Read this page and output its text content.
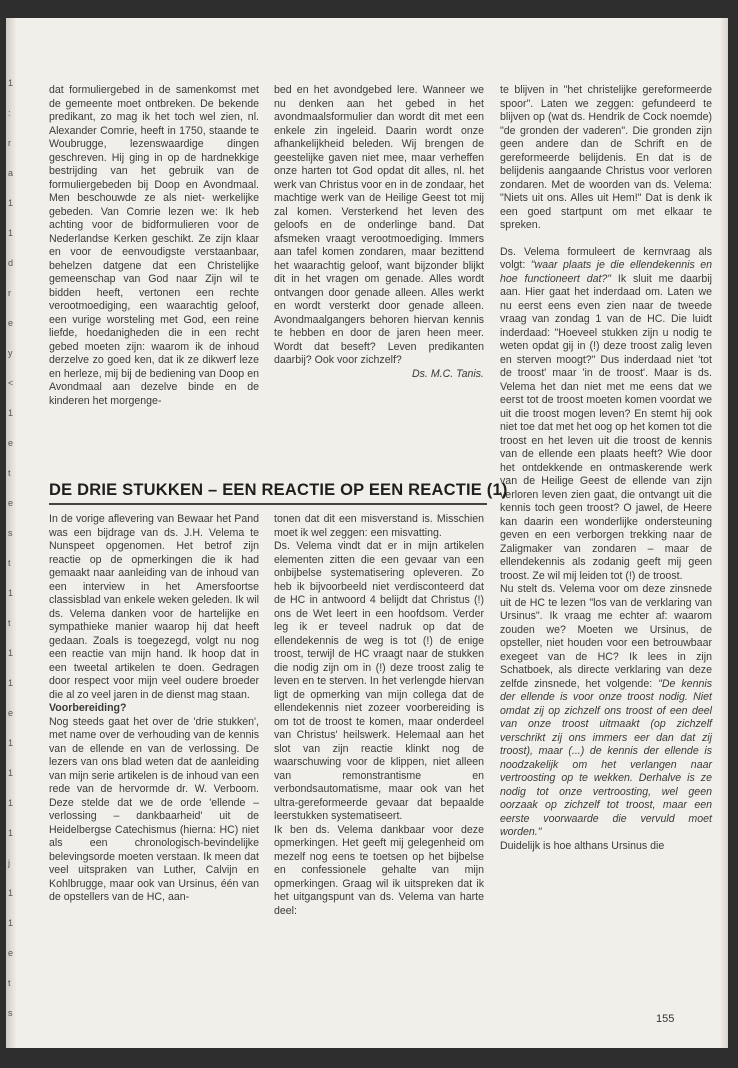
1
:
r
a
1
1
d
r
e
y
<
1
e
t
e
s
t
1
t
1
1
e
1
1
1
1
j
1
1
e
t
s

dat formuliergebed in de samenkomst met de gemeente moet ontbreken. De bekende predikant, zo mag ik het toch wel zien, nl. Alexander Comrie, heeft in 1750, staande te Woubrugge, lezenswaardige dingen geschreven. Hij ging in op de hardnekkige bestrijding van het gebruik van de formuliergebeden bij Doop en Avondmaal. Men beschouwde ze als niet- werkelijke gebeden. Van Comrie lezen we: Ik heb achting voor de bidformulieren voor de Nederlandse Kerken geschikt. Ze zijn klaar en voor de eenvoudigste verstaanbaar, behelzen datgene dat een Christelijke gemeenschap van God naar Zijn wil te bidden heeft, vertonen een rechte verootmoediging, een waarachtig geloof, een vurige worsteling met God, een reine liefde, hoedanigheden die in een recht gebed moeten zijn: waarom ik de inhoud derzelve zo goed ken, dat ik ze dikwerf leze en herleze, mij bij de bediening van Doop en Avondmaal aan dezelve binde en de kinderen het morgenge-

bed en het avondgebed lere. Wanneer we nu denken aan het gebed in het avondmaalsformulier dan wordt dit met een enkele zin ingeleid. Daarin wordt onze afhankelijkheid beleden. Wij brengen de geestelijke gaven niet mee, maar verheffen onze harten tot God opdat dit alles, nl. het werk van Christus voor en in de zondaar, het machtige werk van de Heilige Geest tot mij zal komen. Versterkend het leven des geloofs en de onderlinge band. Dat afsmeken vraagt verootmoediging. Immers aan tafel komen zondaren, maar bezittend het waarachtig geloof, want bijzonder blijkt dit in het vragen om genade. Alles wordt ontvangen door genade alleen. Alles werkt en wordt versterkt door genade alleen. Avondmaalgangers behoren hiervan kennis te hebben en door de jaren heen meer. Wordt dat beseft? Leven predikanten daarbij? Ook voor zichzelf?

Ds. M.C. Tanis.

te blijven in "het christelijke gereformeerde spoor". Laten we zeggen: gefundeerd te blijven op (wat ds. Hendrik de Cock noemde) "de gronden der vaderen". Die gronden zijn geen andere dan de Schrift en de gereformeerde belijdenis. En dat is de belijdenis aangaande Christus voor verloren zondaren. Met de woorden van ds. Velema: "Niets uit ons. Alles uit Hem!" Dat is denk ik een goed startpunt om met elkaar te spreken.

Ds. Velema formuleert de kernvraag als volgt: "waar plaats je die ellendekennis en hoe functioneert dat?" Ik sluit me daarbij aan. Hier gaat het inderdaad om. Laten we nu eerst eens even zien naar de tweede vraag van zondag 1 van de HC. Die luidt inderdaad: "Hoeveel stukken zijn u nodig te weten opdat gij in (!) deze troost zalig leven en sterven moogt?" Dus inderdaad niet 'tot de troost' maar 'in de troost'. Maar is ds. Velema het dan niet met me eens dat we eerst tot de troost moeten komen voordat we uit die troost mogen leven? En stemt hij ook niet toe dat met het oog op het komen tot die troost en het leven uit die troost de kennis van de ellende een plaats heeft? Wie door het ontdekkende en ontmaskerende werk van de Heilige Geest de ellende van zijn verloren leven zien gaat, die ontvangt uit die kennis toch geen troost? O jawel, de Heere kan daarin een wonderlijke ondersteuning geven en een verborgen trekking naar de Zaligmaker van zondaren – maar de ellendekennis als zodanig geeft mij geen troost. Ze wil mij leiden tot (!) de troost.

Nu stelt ds. Velema voor om deze zinsnede uit de HC te lezen "los van de verklaring van Ursinus". Ik vraag me echter af: waarom zouden we? Moeten we Ursinus, de opsteller, niet houden voor een betrouwbaar exegeet van de HC? Ik lees in zijn Schatboek, als directe verklaring van deze zelfde zinsnede, het volgende: "De kennis der ellende is voor onze troost nodig. Niet omdat zij op zichzelf ons troost of een deel van onze troost uitmaakt (op zichzelf verschrikt zij ons immers eer dan dat zij troost), maar (...) de kennis der ellende is noodzakelijk om het verlangen naar vertroosting op te wekken. Derhalve is ze nodig tot onze vertroosting, wel geen oorzaak op zichzelf tot troost, maar een eerste voorwaarde die vervuld moet worden."

Duidelijk is hoe althans Ursinus die

DE DRIE STUKKEN – EEN REACTIE OP EEN REACTIE (1)

In de vorige aflevering van Bewaar het Pand was een bijdrage van ds. J.H. Velema te Nunspeet opgenomen. Het betrof zijn reactie op de opmerkingen die ik had gemaakt naar aanleiding van de inhoud van een interview in het Amersfoortse classisblad van enkele weken geleden. Ik wil ds. Velema danken voor de hartelijke en sympathieke manier waarop hij dat heeft gedaan. Zoals is toegezegd, volgt nu nog een reactie van mijn hand. Ik hoop dat in een tweetal artikelen te doen. Gedragen door respect voor mijn veel oudere broeder die al zo veel jaren in de dienst mag staan.

Voorbereiding?

Nog steeds gaat het over de 'drie stukken', met name over de verhouding van de kennis van de ellende en van de verlossing. De lezers van ons blad weten dat de aanleiding van mijn serie artikelen is de inhoud van een rede van de hervormde dr. W. Verboom. Deze stelde dat we de orde 'ellende – verlossing – dankbaarheid' uit de Heidelbergse Catechismus (hierna: HC) niet als een chronologisch-bevindelijke belevingsorde moeten verstaan. Ik meen dat veel uitspraken van Luther, Calvijn en Kohlbrugge, maar ook van Ursinus, één van de opstellers van de HC, aan-

tonen dat dit een misverstand is. Misschien moet ik wel zeggen: een misvatting.

Ds. Velema vindt dat er in mijn artikelen elementen zitten die een gevaar van een onbijbelse systematisering opleveren. Zo heb ik bijvoorbeeld niet verdisconteerd dat de HC in antwoord 4 belijdt dat Christus (!) ons de Wet leert in een hoofdsom. Verder leg ik er teveel nadruk op dat de ellendekennis de weg is tot (!) de enige troost, terwijl de HC vraagt naar de stukken die nodig zijn om in (!) deze troost zalig te leven en te sterven. In het verlengde hiervan ligt de opmerking van mijn collega dat de ellendekennis niet zozeer voorbereiding is om tot de troost te komen, maar onderdeel van Christus' heilswerk. Helemaal aan het slot van zijn reactie klinkt nog de waarschuwing voor de klippen, niet alleen van remonstrantisme en verbondsautomatisme, maar ook van het ultra-gereformeerde gevaar dat bepaalde leerstukken systematiseert.

Ik ben ds. Velema dankbaar voor deze opmerkingen. Het geeft mij gelegenheid om mezelf nog eens te toetsen op het bijbelse en confessionele gehalte van mijn opmerkingen. Graag wil ik uitspreken dat ik het uitgangspunt van ds. Velema van harte deel:

155
